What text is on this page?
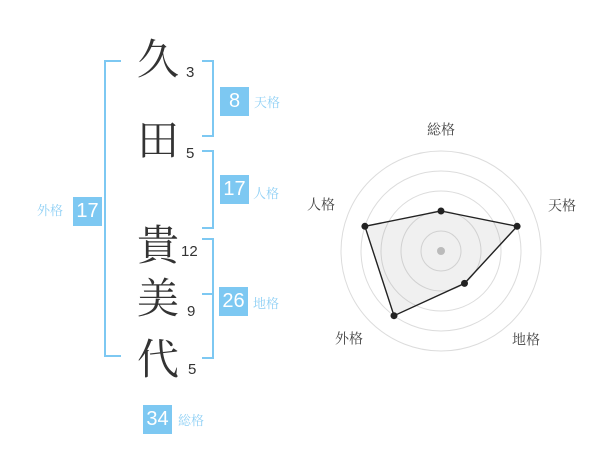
久
田
貴
美
代
3
5
12
9
5
8	天格
17 人格
26 地格
17
外格
34 総格
総格
天格
地格
外格
人格
